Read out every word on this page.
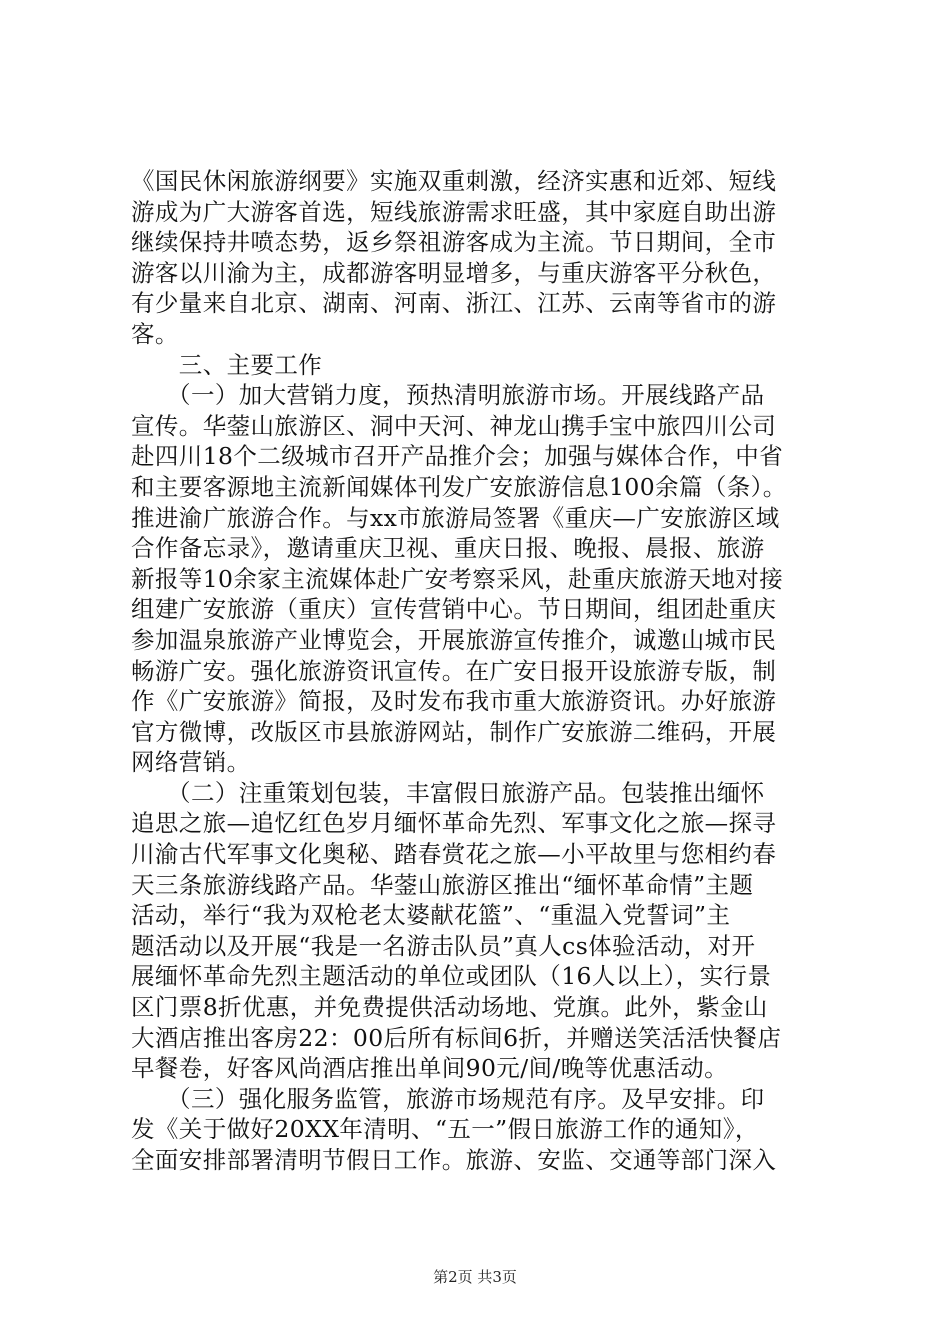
《国民休闲旅游纲要》实施双重刺激，经济实惠和近郊、短线
游成为广大游客首选，短线旅游需求旺盛，其中家庭自助出游
继续保持井喷态势，返乡祭祖游客成为主流。节日期间，全市
游客以川渝为主，成都游客明显增多，与重庆游客平分秋色，
有少量来自北京、湖南、河南、浙江、江苏、云南等省市的游
客。
　　三、主要工作
　　（一）加大营销力度，预热清明旅游市场。开展线路产品
宣传。华蓥山旅游区、洞中天河、神龙山携手宝中旅四川公司
赴四川18个二级城市召开产品推介会；加强与媒体合作，中省
和主要客源地主流新闻媒体刊发广安旅游信息100余篇（条）。
推进渝广旅游合作。与xx市旅游局签署《重庆—广安旅游区域
合作备忘录》，邀请重庆卫视、重庆日报、晚报、晨报、旅游
新报等10余家主流媒体赴广安考察采风，赴重庆旅游天地对接
组建广安旅游（重庆）宣传营销中心。节日期间，组团赴重庆
参加温泉旅游产业博览会，开展旅游宣传推介，诚邀山城市民
畅游广安。强化旅游资讯宣传。在广安日报开设旅游专版，制
作《广安旅游》简报，及时发布我市重大旅游资讯。办好旅游
官方微博，改版区市县旅游网站，制作广安旅游二维码，开展
网络营销。
　　（二）注重策划包装，丰富假日旅游产品。包装推出缅怀
追思之旅—追忆红色岁月缅怀革命先烈、军事文化之旅—探寻
川渝古代军事文化奥秘、踏春赏花之旅—小平故里与您相约春
天三条旅游线路产品。华蓥山旅游区推出“缅怀革命情”主题
活动，举行“我为双枪老太婆献花篮”、“重温入党誓词”主
题活动以及开展“我是一名游击队员”真人cs体验活动，对开
展缅怀革命先烈主题活动的单位或团队（16人以上），实行景
区门票8折优惠，并免费提供活动场地、党旗。此外，紫金山
大酒店推出客房22：00后所有标间6折，并赠送笑活活快餐店
早餐卷，好客风尚酒店推出单间90元/间/晚等优惠活动。
　　（三）强化服务监管，旅游市场规范有序。及早安排。印
发《关于做好20XX年清明、“五一”假日旅游工作的通知》，
全面安排部署清明节假日工作。旅游、安监、交通等部门深入
第2页 共3页
